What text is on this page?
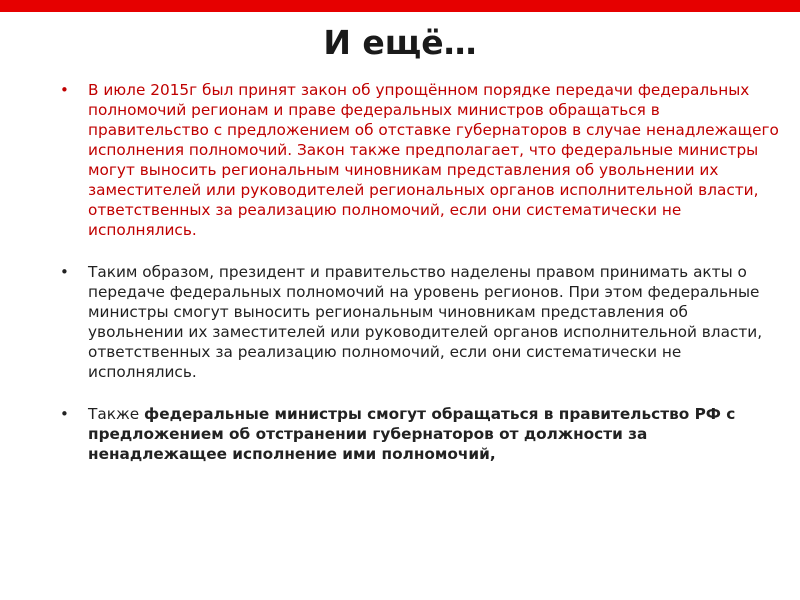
И ещё…
•	В июле 2015г был принят закон об упрощённом порядке передачи федеральных полномочий регионам и праве федеральных министров обращаться в правительство с предложением об отставке губернаторов в случае ненадлежащего исполнения полномочий. Закон также предполагает, что федеральные министры могут выносить региональным чиновникам представления об увольнении их заместителей или руководителей региональных органов исполнительной власти, ответственных за реализацию полномочий, если они систематически не исполнялись.
•	Таким образом, президент и правительство наделены правом принимать акты о передаче федеральных полномочий на уровень регионов. При этом федеральные министры смогут выносить региональным чиновникам представления об увольнении их заместителей или руководителей органов исполнительной власти, ответственных за реализацию полномочий, если они систематически не исполнялись.
•	Также федеральные министры смогут обращаться в правительство РФ с предложением об отстранении губернаторов от должности за ненадлежащее исполнение ими полномочий,
